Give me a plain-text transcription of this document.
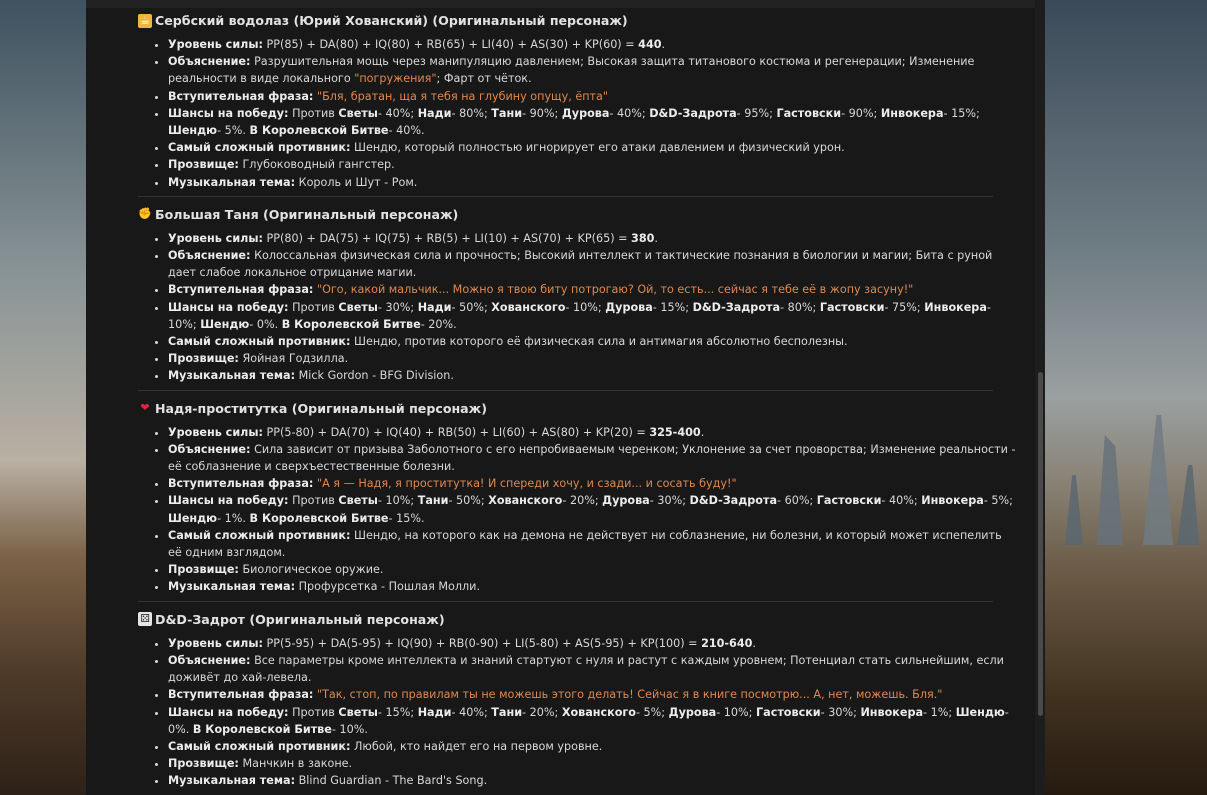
☕ Сербский водолаз (Юрий Хованский) (Оригинальный персонаж)
• Уровень силы: PP(85) + DA(80) + IQ(80) + RB(65) + LI(40) + AS(30) + KP(60) = 440.
• Объяснение: Разрушительная мощь через манипуляцию давлением; Высокая защита титанового костюма и регенерации; Изменение реальности в виде локального "погружения"; Фарт от чёток.
• Вступительная фраза: "Бля, братан, ща я тебя на глубину опущу, ёпта"
• Шансы на победу: Против Светы- 40%; Нади- 80%; Тани- 90%; Дурова- 40%; D&D-Задрота- 95%; Гастовски- 90%; Инвокера- 15%; Шендю- 5%. В Королевской Битве- 40%.
• Самый сложный противник: Шендю, который полностью игнорирует его атаки давлением и физический урон.
• Прозвище: Глубоководный гангстер.
• Музыкальная тема: Король и Шут - Ром.
✊ Большая Таня (Оригинальный персонаж)
• Уровень силы: PP(80) + DA(75) + IQ(75) + RB(5) + LI(10) + AS(70) + KP(65) = 380.
• Объяснение: Колоссальная физическая сила и прочность; Высокий интеллект и тактические познания в биологии и магии; Бита с руной дает слабое локальное отрицание магии.
• Вступительная фраза: "Ого, какой мальчик... Можно я твою биту потрогаю? Ой, то есть... сейчас я тебе её в жопу засуну!"
• Шансы на победу: Против Светы- 30%; Нади- 50%; Хованского- 10%; Дурова- 15%; D&D-Задрота- 80%; Гастовски- 75%; Инвокера- 10%; Шендю- 0%. В Королевской Битве- 20%.
• Самый сложный противник: Шендю, против которого её физическая сила и антимагия абсолютно бесполезны.
• Прозвище: Яойная Годзилла.
• Музыкальная тема: Mick Gordon - BFG Division.
❤ Надя-проститутка (Оригинальный персонаж)
• Уровень силы: PP(5-80) + DA(70) + IQ(40) + RB(50) + LI(60) + AS(80) + KP(20) = 325-400.
• Объяснение: Сила зависит от призыва Заболотного с его непробиваемым черенком; Уклонение за счет проворства; Изменение реальности - её соблазнение и сверхъестественные болезни.
• Вступительная фраза: "А я — Надя, я проститутка! И спереди хочу, и сзади... и сосать буду!"
• Шансы на победу: Против Светы- 10%; Тани- 50%; Хованского- 20%; Дурова- 30%; D&D-Задрота- 60%; Гастовски- 40%; Инвокера- 5%; Шендю- 1%. В Королевской Битве- 15%.
• Самый сложный противник: Шендю, на которого как на демона не действует ни соблазнение, ни болезни, и который может испепелить её одним взглядом.
• Прозвище: Биологическое оружие.
• Музыкальная тема: Профурсетка - Пошлая Молли.
⚄ D&D-Задрот (Оригинальный персонаж)
• Уровень силы: PP(5-95) + DA(5-95) + IQ(90) + RB(0-90) + LI(5-80) + AS(5-95) + KP(100) = 210-640.
• Объяснение: Все параметры кроме интеллекта и знаний стартуют с нуля и растут с каждым уровнем; Потенциал стать сильнейшим, если доживёт до хай-левела.
• Вступительная фраза: "Так, стоп, по правилам ты не можешь этого делать! Сейчас я в книге посмотрю... А, нет, можешь. Бля."
• Шансы на победу: Против Светы- 15%; Нади- 40%; Тани- 20%; Хованского- 5%; Дурова- 10%; Гастовски- 30%; Инвокера- 1%; Шендю- 0%. В Королевской Битве- 10%.
• Самый сложный противник: Любой, кто найдет его на первом уровне.
• Прозвище: Манчкин в законе.
• Музыкальная тема: Blind Guardian - The Bard's Song.
